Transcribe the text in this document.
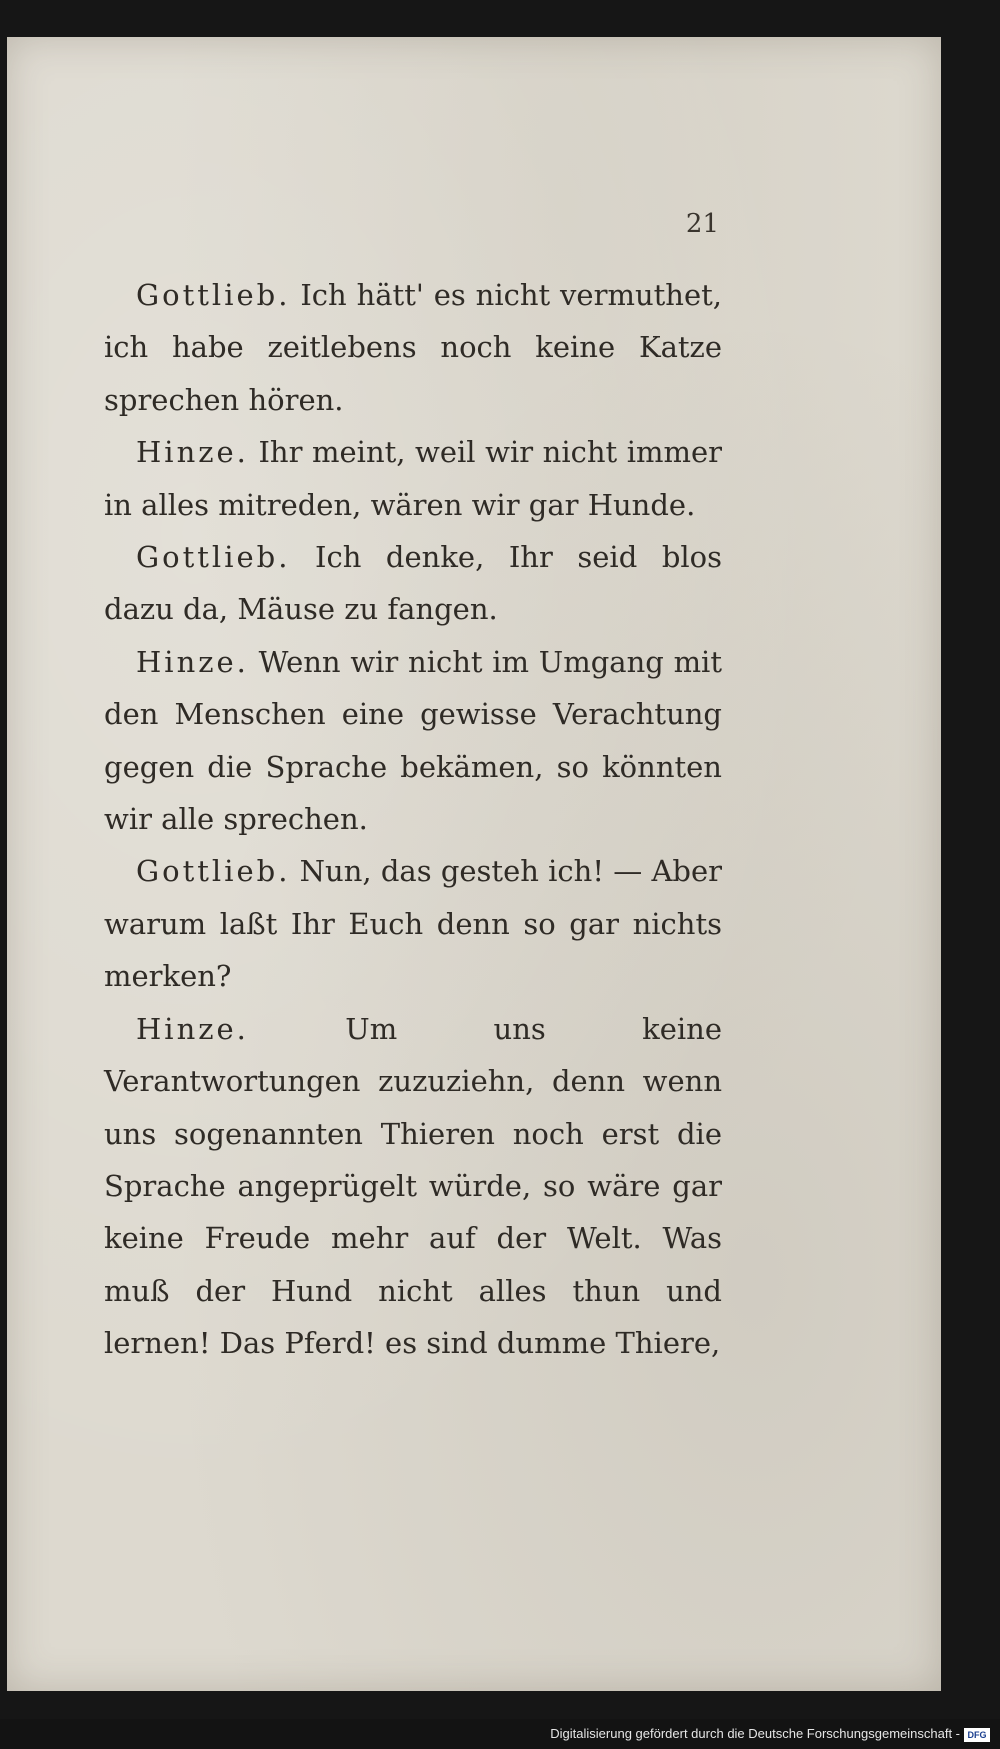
21

Gottlieb. Ich hätt' es nicht vermuthet, ich habe zeitlebens noch keine Katze sprechen hören.

Hinze. Ihr meint, weil wir nicht immer in alles mitreden, wären wir gar Hunde.

Gottlieb. Ich denke, Ihr seid blos dazu da, Mäuse zu fangen.

Hinze. Wenn wir nicht im Umgang mit den Menschen eine gewisse Verachtung gegen die Sprache bekämen, so könnten wir alle sprechen.

Gottlieb. Nun, das gesteh ich! — Aber warum laßt Ihr Euch denn so gar nichts merken?

Hinze.	Um uns keine Verantwortungen zuzuziehn, denn wenn uns sogenannten Thieren noch erst die Sprache angeprügelt würde, so wäre gar keine Freude mehr auf der Welt. Was muß der Hund nicht alles thun und lernen! Das Pferd! es sind dumme Thiere,

Digitalisierung gefördert durch die Deutsche Forschungsgemeinschaft - DFG
